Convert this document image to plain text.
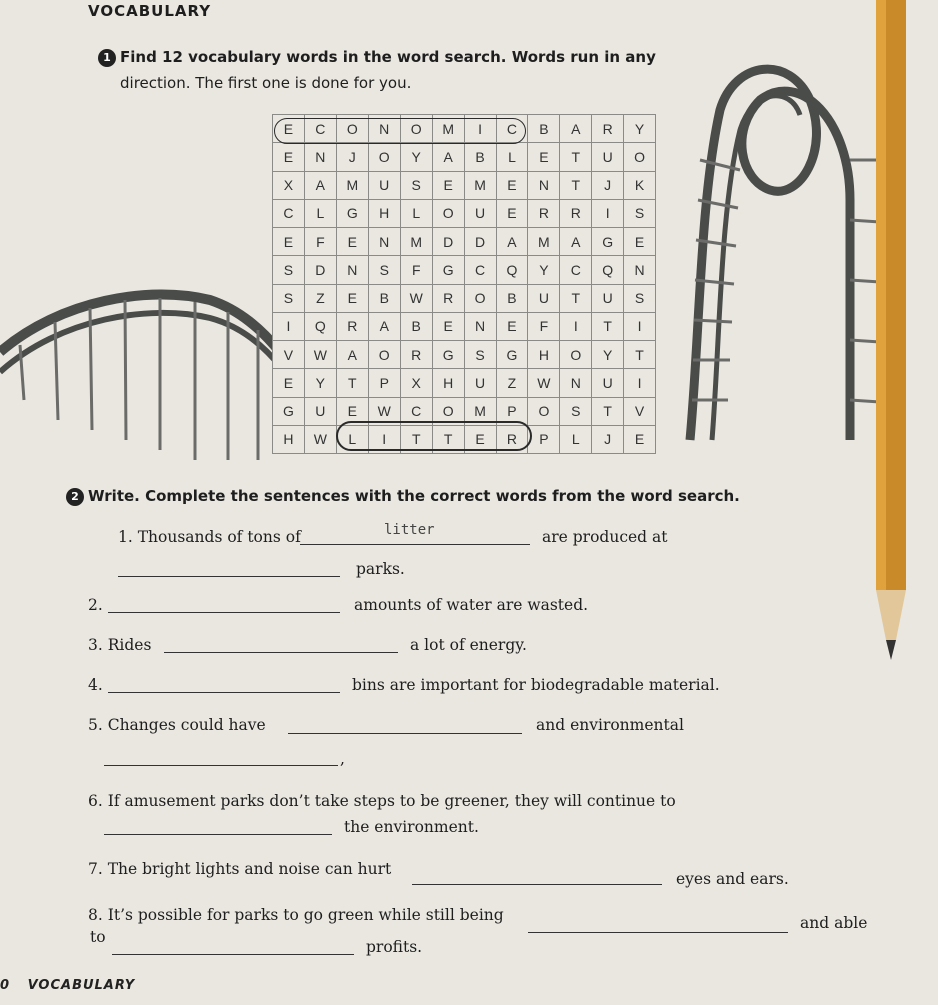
VOCABULARY
1 Find 12 vocabulary words in the word search. Words run in any
direction. The first one is done for you.
E	C	O	N	O	M	I	C	B	A	R	Y
E	N	J	O	Y	A	B	L	E	T	U	O
X	A	M	U	S	E	M	E	N	T	J	K
C	L	G	H	L	O	U	E	R	R	I	S
E	F	E	N	M	D	D	A	M	A	G	E
S	D	N	S	F	G	C	Q	Y	C	Q	N
S	Z	E	B	W	R	O	B	U	T	U	S
I	Q	R	A	B	E	N	E	F	I	T	I
V	W	A	O	R	G	S	G	H	O	Y	T
E	Y	T	P	X	H	U	Z	W	N	U	I
G	U	E	W	C	O	M	P	O	S	T	V
H	W	L	I	T	T	E	R	P	L	J	E
2 Write. Complete the sentences with the correct words from the word search.
1. Thousands of tons of	litter	are produced at
parks.
2.	amounts of water are wasted.
3. Rides	a lot of energy.
4.	bins are important for biodegradable material.
5. Changes could have	and environmental
,
6. If amusement parks don’t take steps to be greener, they will continue to
the environment.
7. The bright lights and noise can hurt
eyes and ears.
8. It’s possible for parks to go green while still being	and able
to
profits.
0 VOCABULARY
